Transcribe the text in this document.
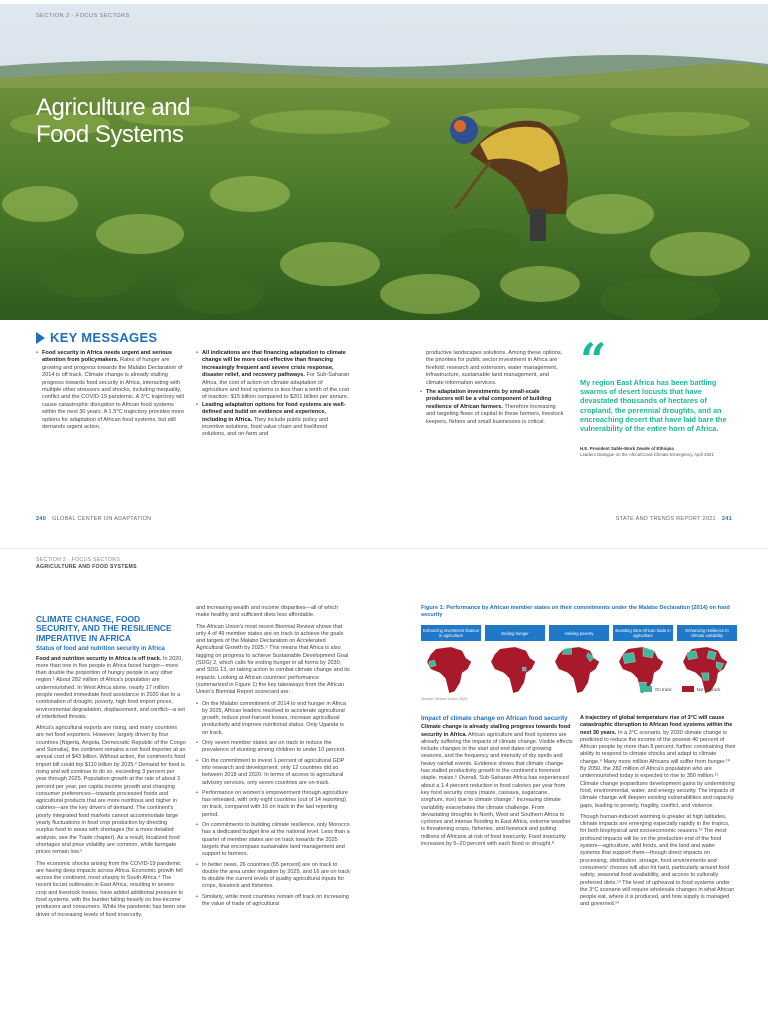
SECTION 2 · FOCUS SECTORS
Agriculture and
Food Systems
KEY MESSAGES
• Food security in Africa needs urgent and serious attention from policymakers. Rates of hunger are growing and progress towards the Malabo Declaration of 2014 is off track. Climate change is already stalling progress towards food security in Africa, interacting with multiple other stressors and shocks, including inequality, conflict and the COVID-19 pandemic. A 3°C trajectory will cause catastrophic disruption to African food systems within the next 30 years. A 1.5°C trajectory provides more options for adaptation of African food systems, but still demands urgent action.
• All indications are that financing adaptation to climate change will be more cost-effective than financing increasingly frequent and severe crisis response, disaster relief, and recovery pathways. For Sub-Saharan Africa, the cost of action on climate adaptation of agriculture and food systems is less than a tenth of the cost of inaction: $15 billion compared to $201 billion per annum.
• Leading adaptation options for food systems are well-defined and build on evidence and experience, including in Africa. They include public policy and incentive solutions, food value chain and livelihood solutions, and on-farm and
productive landscapes solutions. Among these options, the priorities for public sector investment in Africa are fivefold: research and extension, water management, infrastructure, sustainable land management, and climate information services.
• The adaptation investments by small-scale producers will be a vital component of building resilience of African farmers. Therefore increasing and targeting flows of capital to these farmers, livestock keepers, fishers and small businesses is critical.
“
My region East Africa has been battling swarms of desert locusts that have devastated thousands of hectares of cropland, the perennial droughts, and an encroaching desert that have laid bare the vulnerability of the entire horn of Africa.
H.E. President Sahle-Work Zewde of Ethiopia
Leaders Dialogue on the Africa/Covid-Climate Emergency, April 2021
240 GLOBAL CENTER ON ADAPTATION	STATE AND TRENDS REPORT 2021 241
SECTION 2 · FOCUS SECTORS
AGRICULTURE AND FOOD SYSTEMS
CLIMATE CHANGE, FOOD SECURITY, AND THE RESILIENCE IMPERATIVE IN AFRICA
Status of food and nutrition security in Africa

Food and nutrition security in Africa is off track. In 2020, more than one in five people in Africa faced hunger—more than double the proportion of hungry people in any other region.¹ About 282 million of Africa's population are undernourished. In West Africa alone, nearly 17 million people needed immediate food assistance in 2020 due to a combination of drought, poverty, high food import prices, environmental degradation, displacement, and conflict—a set of interlinked threats.

Africa's agricultural exports are rising, and many countries are net food exporters. However, largely driven by four countries (Nigeria, Angola, Democratic Republic of the Congo and Somalia), the continent remains a net food importer at an annual cost of $43 billion. Without action, the continent's food import bill could top $110 billion by 2025.² Demand for food is rising and will continue to do so, exceeding 3 percent per year through 2025. Population growth at the rate of about 3 percent per year, per capita income growth and changing consumer preferences—towards processed foods and agricultural products that are more nutritious and higher in calories—are the key drivers of demand. The continent's poorly integrated food markets cannot accommodate large yearly fluctuations in food crop production by directing surplus food to areas with shortages (for a more detailed analysis, see the Trade chapter). As a result, localized food shortages and price volatility are common, while farmgate prices remain low.³

The economic shocks arising from the COVID-19 pandemic are having deep impacts across Africa. Economic growth fell across the continent, most sharply in South Africa.⁴ The recent locust outbreaks in East Africa, resulting in severe crop and livestock losses, have added additional pressure to food systems, with the burden falling heavily on low-income producers and consumers. While the pandemic has been one driver of increasing levels of food insecurity,

and increasing wealth and income disparities—all of which make healthy and sufficient diets less affordable.

The African Union's most recent Biennial Review shows that only 4 of 49 member states are on track to achieve the goals and targets of the Malabo Declaration on Accelerated Agricultural Growth by 2025.⁵ This means that Africa is also lagging on progress to achieve Sustainable Development Goal (SDG) 2, which calls for ending hunger in all forms by 2030, and SDG 13, on taking action to combat climate change and its impacts. Looking at African countries' performance (summarized in Figure 1) the key takeaways from the African Union's Biennial Report scorecard are:

• On the Malabo commitment of 2014 to end hunger in Africa by 2025, African leaders resolved to accelerate agricultural growth, reduce post-harvest losses, increase agricultural productivity and improve nutritional status. Only Uganda is on track.
• Only seven member states are on track to reduce the prevalence of stunting among children to under 10 percent.
• On the commitment to invest 1 percent of agricultural GDP into research and development, only 12 countries did so between 2018 and 2020. In terms of access to agricultural advisory services, only seven countries are on-track.
• Performance on women's empowerment through agriculture has retreated, with only eight countries (out of 14 reporting) on track, compared with 16 on track in the last reporting period.
• On commitments to building climate resilience, only Morocco has a dedicated budget line at the national level. Less than a quarter of member states are on track towards the 2025 targets that encompass sustainable land management and support to farmers.
• In better news, 26 countries (65 percent) are on track to double the area under irrigation by 2025, and 16 are on track to double the current levels of quality agricultural inputs for crops, livestock and fisheries.
• Similarly, while most countries remain off track on increasing the value of trade of agricultural
Figure 1: Performance by African member states on their commitments under the Malabo Declaration (2014) on food security
Enhancing investment finance in agriculture	Ending hunger	Halving poverty	Boosting intra-African trade in agriculture
Enhancing resilience to climate variability
On track	Not on track
Source: African Union 2020
Impact of climate change on African food security

Climate change is already stalling progress towards food security in Africa. African agriculture and food systems are already suffering the impacts of climate change. Visible effects include changes to the start and end dates of growing seasons, and the frequency and intensity of dry spells and heavy rainfall events. Evidence shows that climate change has stalled productivity growth in the continent's foremost staple, maize.⁶ Overall, Sub-Saharan Africa has experienced about a 1.4 percent reduction in food calories per year from key food security crops (maize, cassava, sugarcane, sorghum, rice) due to climate change.⁷ Increasing climate variability exacerbates the climate challenge. From devastating droughts in North, West and Southern Africa to cyclones and intense flooding in East Africa, extreme weather is threatening crops, fisheries, and livestock and putting millions of Africans at risk of food insecurity. Food insecurity increases by 5–20 percent with each flood or drought.⁸

A trajectory of global temperature rise of 3°C will cause catastrophic disruption to African food systems within the next 30 years. In a 3°C scenario, by 2030 climate change is predicted to reduce the income of the poorest 40 percent of African people by more than 8 percent, further constraining their ability to respond to climate shocks and adapt to climate change.⁹ Many more million Africans will suffer from hunger.¹⁰ By 2050, the 282 million of Africa's population who are undernourished today is expected to rise to 350 million.¹¹ Climate change jeopardizes development gains by undermining food, environmental, water, and energy security. The impacts of climate change will deepen existing vulnerabilities and capacity gaps, leading to poverty, fragility, conflict, and violence.

Though human-induced warming is greater at high latitudes, climate impacts are emerging especially rapidly in the tropics, for both biophysical and socioeconomic reasons.¹² The most profound impacts will be on the production end of the food system—agriculture, wild foods, and the land and water systems that support them—though direct impacts on processing, distribution, storage, food environments and consumers' choices will also hit hard, particularly around food safety, seasonal food availability, and access to culturally preferred diets.¹³ The level of upheaval to food systems under the 3°C scenario will require wholesale changes in what African people eat, where it is produced, and how supply is managed and governed.¹⁴
